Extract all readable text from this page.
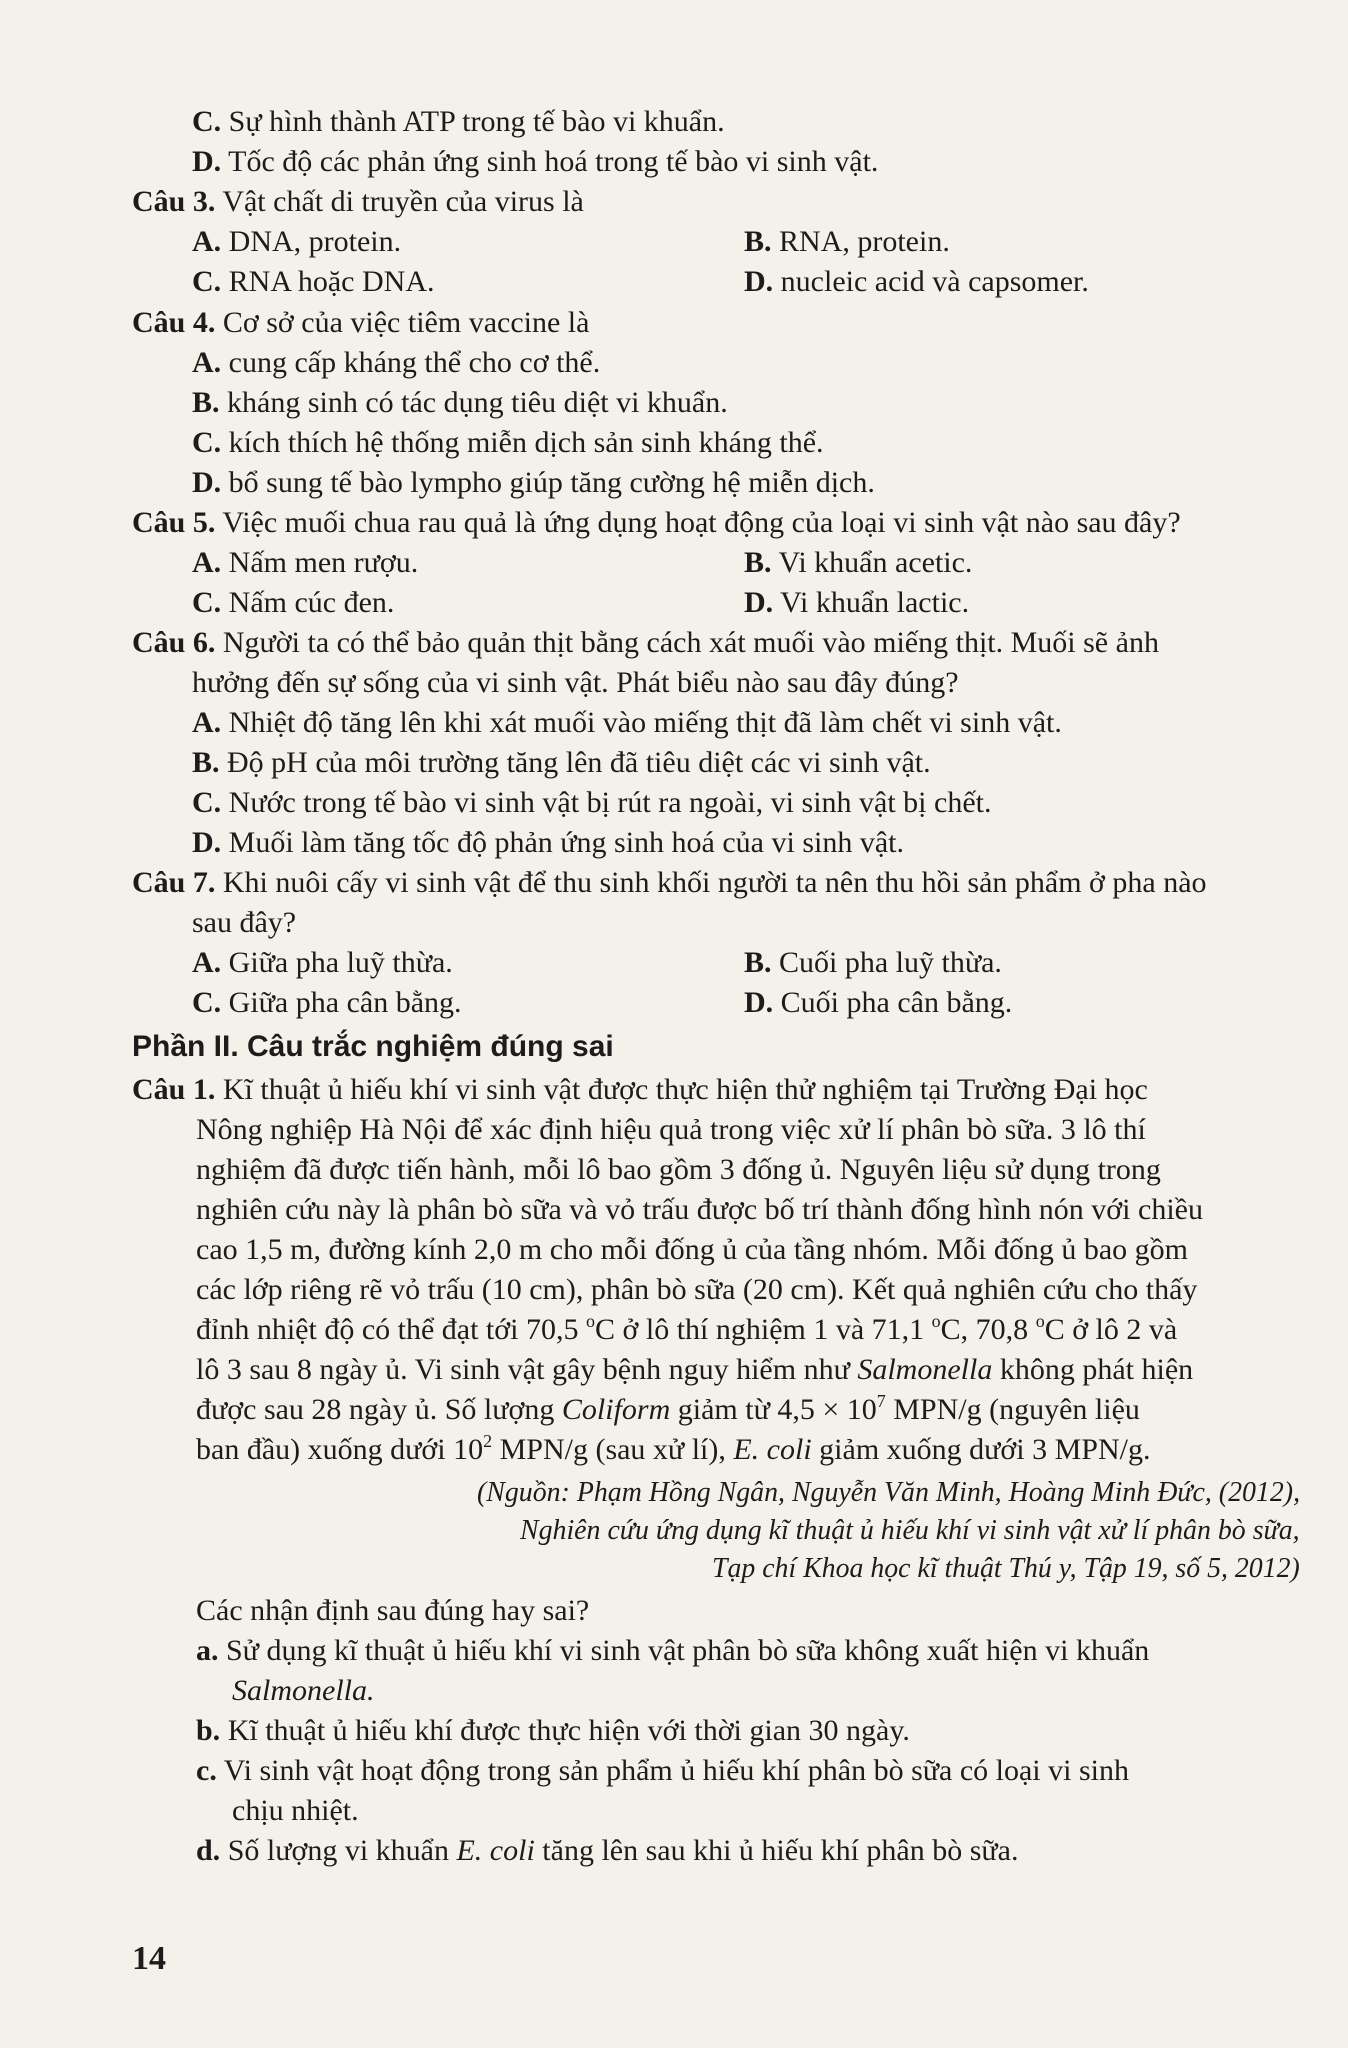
C. Sự hình thành ATP trong tế bào vi khuẩn.
D. Tốc độ các phản ứng sinh hoá trong tế bào vi sinh vật.
Câu 3. Vật chất di truyền của virus là
A. DNA, protein.	B. RNA, protein.
C. RNA hoặc DNA.	D. nucleic acid và capsomer.
Câu 4. Cơ sở của việc tiêm vaccine là
A. cung cấp kháng thể cho cơ thể.
B. kháng sinh có tác dụng tiêu diệt vi khuẩn.
C. kích thích hệ thống miễn dịch sản sinh kháng thể.
D. bổ sung tế bào lympho giúp tăng cường hệ miễn dịch.
Câu 5. Việc muối chua rau quả là ứng dụng hoạt động của loại vi sinh vật nào sau đây?
A. Nấm men rượu.	B. Vi khuẩn acetic.
C. Nấm cúc đen.	D. Vi khuẩn lactic.
Câu 6. Người ta có thể bảo quản thịt bằng cách xát muối vào miếng thịt. Muối sẽ ảnh
hưởng đến sự sống của vi sinh vật. Phát biểu nào sau đây đúng?
A. Nhiệt độ tăng lên khi xát muối vào miếng thịt đã làm chết vi sinh vật.
B. Độ pH của môi trường tăng lên đã tiêu diệt các vi sinh vật.
C. Nước trong tế bào vi sinh vật bị rút ra ngoài, vi sinh vật bị chết.
D. Muối làm tăng tốc độ phản ứng sinh hoá của vi sinh vật.
Câu 7. Khi nuôi cấy vi sinh vật để thu sinh khối người ta nên thu hồi sản phẩm ở pha nào
sau đây?
A. Giữa pha luỹ thừa.	B. Cuối pha luỹ thừa.
C. Giữa pha cân bằng.	D. Cuối pha cân bằng.
Phần II. Câu trắc nghiệm đúng sai
Câu 1. Kĩ thuật ủ hiếu khí vi sinh vật được thực hiện thử nghiệm tại Trường Đại học
Nông nghiệp Hà Nội để xác định hiệu quả trong việc xử lí phân bò sữa. 3 lô thí
nghiệm đã được tiến hành, mỗi lô bao gồm 3 đống ủ. Nguyên liệu sử dụng trong
nghiên cứu này là phân bò sữa và vỏ trấu được bố trí thành đống hình nón với chiều
cao 1,5 m, đường kính 2,0 m cho mỗi đống ủ của tầng nhóm. Mỗi đống ủ bao gồm
các lớp riêng rẽ vỏ trấu (10 cm), phân bò sữa (20 cm). Kết quả nghiên cứu cho thấy
đỉnh nhiệt độ có thể đạt tới 70,5 $^o$C ở lô thí nghiệm 1 và 71,1 $^o$C, 70,8 $^o$C ở lô 2 và
lô 3 sau 8 ngày ủ. Vi sinh vật gây bệnh nguy hiểm như Salmonella không phát hiện
được sau 28 ngày ủ. Số lượng Coliform giảm từ $4,5 \times 10^7$ MPN/g (nguyên liệu
ban đầu) xuống dưới $10^2$ MPN/g (sau xử lí), E. coli giảm xuống dưới 3 MPN/g.
(Nguồn: Phạm Hồng Ngân, Nguyễn Văn Minh, Hoàng Minh Đức, (2012),
Nghiên cứu ứng dụng kĩ thuật ủ hiếu khí vi sinh vật xử lí phân bò sữa,
Tạp chí Khoa học kĩ thuật Thú y, Tập 19, số 5, 2012)
Các nhận định sau đúng hay sai?
a. Sử dụng kĩ thuật ủ hiếu khí vi sinh vật phân bò sữa không xuất hiện vi khuẩn
Salmonella.
b. Kĩ thuật ủ hiếu khí được thực hiện với thời gian 30 ngày.
c. Vi sinh vật hoạt động trong sản phẩm ủ hiếu khí phân bò sữa có loại vi sinh
chịu nhiệt.
d. Số lượng vi khuẩn E. coli tăng lên sau khi ủ hiếu khí phân bò sữa.
14
